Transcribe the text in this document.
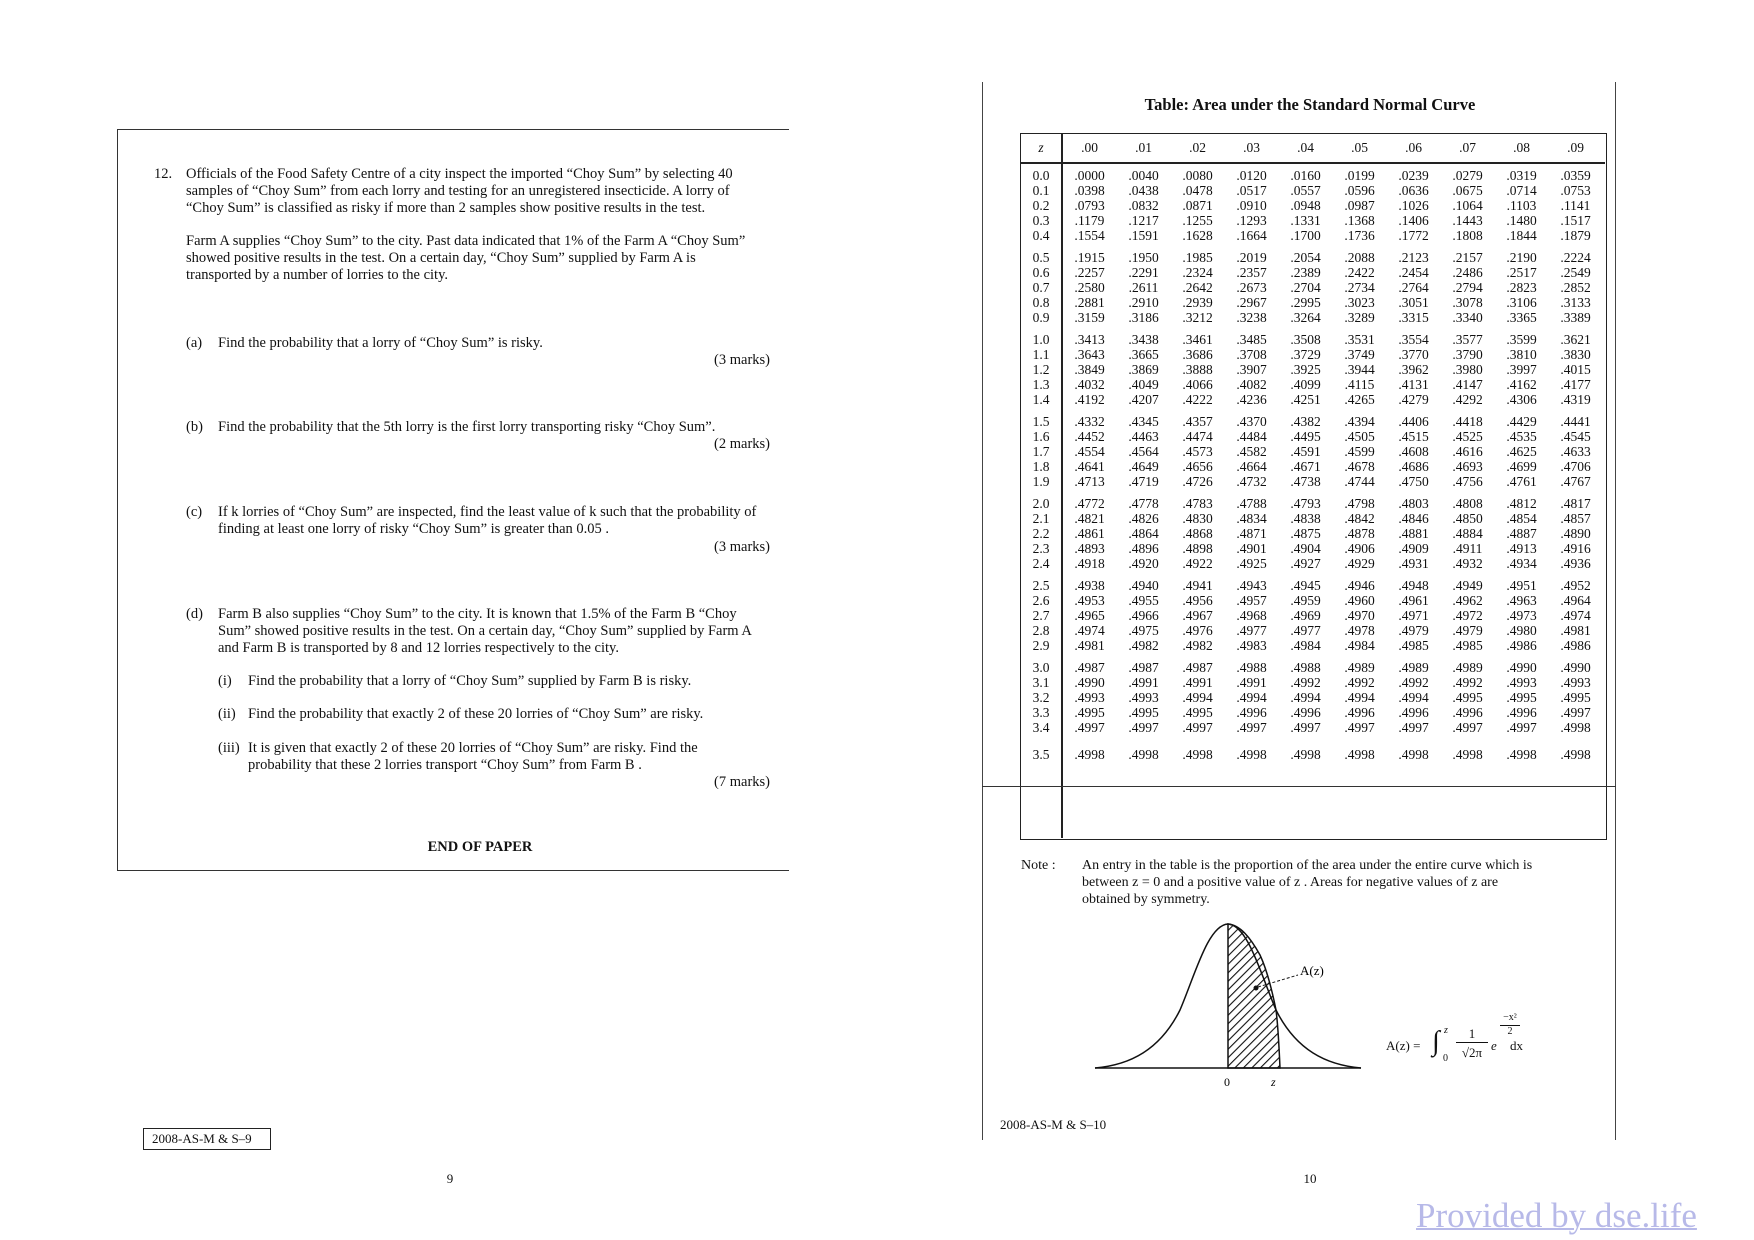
12. Officials of the Food Safety Centre of a city inspect the imported “Choy Sum” by selecting 40
samples of “Choy Sum” from each lorry and testing for an unregistered insecticide. A lorry of
“Choy Sum” is classified as risky if more than 2 samples show positive results in the test.
Farm A supplies “Choy Sum” to the city. Past data indicated that 1% of the Farm A “Choy Sum”
showed positive results in the test. On a certain day, “Choy Sum” supplied by Farm A is
transported by a number of lorries to the city.
(a) Find the probability that a lorry of “Choy Sum” is risky.
(3 marks)
(b) Find the probability that the 5th lorry is the first lorry transporting risky “Choy Sum”.
(2 marks)
(c) If k lorries of “Choy Sum” are inspected, find the least value of k such that the probability of
finding at least one lorry of risky “Choy Sum” is greater than 0.05 .
(3 marks)
(d) Farm B also supplies “Choy Sum” to the city. It is known that 1.5% of the Farm B “Choy
Sum” showed positive results in the test. On a certain day, “Choy Sum” supplied by Farm A
and Farm B is transported by 8 and 12 lorries respectively to the city.
(i) Find the probability that a lorry of “Choy Sum” supplied by Farm B is risky.
(ii) Find the probability that exactly 2 of these 20 lorries of “Choy Sum” are risky.
(iii) It is given that exactly 2 of these 20 lorries of “Choy Sum” are risky. Find the
probability that these 2 lorries transport “Choy Sum” from Farm B .
(7 marks)
END OF PAPER
2008-AS-M & S–9
9
Table: Area under the Standard Normal Curve
z	.00	.01	.02	.03	.04	.05	.06	.07	.08	.09
0.0	.0000	.0040	.0080	.0120	.0160	.0199	.0239	.0279	.0319	.0359
0.1	.0398	.0438	.0478	.0517	.0557	.0596	.0636	.0675	.0714	.0753
0.2	.0793	.0832	.0871	.0910	.0948	.0987	.1026	.1064	.1103	.1141
0.3	.1179	.1217	.1255	.1293	.1331	.1368	.1406	.1443	.1480	.1517
0.4	.1554	.1591	.1628	.1664	.1700	.1736	.1772	.1808	.1844	.1879
0.5	.1915	.1950	.1985	.2019	.2054	.2088	.2123	.2157	.2190	.2224
0.6	.2257	.2291	.2324	.2357	.2389	.2422	.2454	.2486	.2517	.2549
0.7	.2580	.2611	.2642	.2673	.2704	.2734	.2764	.2794	.2823	.2852
0.8	.2881	.2910	.2939	.2967	.2995	.3023	.3051	.3078	.3106	.3133
0.9	.3159	.3186	.3212	.3238	.3264	.3289	.3315	.3340	.3365	.3389
1.0	.3413	.3438	.3461	.3485	.3508	.3531	.3554	.3577	.3599	.3621
1.1	.3643	.3665	.3686	.3708	.3729	.3749	.3770	.3790	.3810	.3830
1.2	.3849	.3869	.3888	.3907	.3925	.3944	.3962	.3980	.3997	.4015
1.3	.4032	.4049	.4066	.4082	.4099	.4115	.4131	.4147	.4162	.4177
1.4	.4192	.4207	.4222	.4236	.4251	.4265	.4279	.4292	.4306	.4319
1.5	.4332	.4345	.4357	.4370	.4382	.4394	.4406	.4418	.4429	.4441
1.6	.4452	.4463	.4474	.4484	.4495	.4505	.4515	.4525	.4535	.4545
1.7	.4554	.4564	.4573	.4582	.4591	.4599	.4608	.4616	.4625	.4633
1.8	.4641	.4649	.4656	.4664	.4671	.4678	.4686	.4693	.4699	.4706
1.9	.4713	.4719	.4726	.4732	.4738	.4744	.4750	.4756	.4761	.4767
2.0	.4772	.4778	.4783	.4788	.4793	.4798	.4803	.4808	.4812	.4817
2.1	.4821	.4826	.4830	.4834	.4838	.4842	.4846	.4850	.4854	.4857
2.2	.4861	.4864	.4868	.4871	.4875	.4878	.4881	.4884	.4887	.4890
2.3	.4893	.4896	.4898	.4901	.4904	.4906	.4909	.4911	.4913	.4916
2.4	.4918	.4920	.4922	.4925	.4927	.4929	.4931	.4932	.4934	.4936
2.5	.4938	.4940	.4941	.4943	.4945	.4946	.4948	.4949	.4951	.4952
2.6	.4953	.4955	.4956	.4957	.4959	.4960	.4961	.4962	.4963	.4964
2.7	.4965	.4966	.4967	.4968	.4969	.4970	.4971	.4972	.4973	.4974
2.8	.4974	.4975	.4976	.4977	.4977	.4978	.4979	.4979	.4980	.4981
2.9	.4981	.4982	.4982	.4983	.4984	.4984	.4985	.4985	.4986	.4986
3.0	.4987	.4987	.4987	.4988	.4988	.4989	.4989	.4989	.4990	.4990
3.1	.4990	.4991	.4991	.4991	.4992	.4992	.4992	.4992	.4993	.4993
3.2	.4993	.4993	.4994	.4994	.4994	.4994	.4994	.4995	.4995	.4995
3.3	.4995	.4995	.4995	.4996	.4996	.4996	.4996	.4996	.4996	.4997
3.4	.4997	.4997	.4997	.4997	.4997	.4997	.4997	.4997	.4997	.4998
3.5	.4998	.4998	.4998	.4998	.4998	.4998	.4998	.4998	.4998	.4998
Note : An entry in the table is the proportion of the area under the entire curve which is
between z = 0 and a positive value of z . Areas for negative values of z are
obtained by symmetry.
A(z)
0	z
A(z) = ∫ z
0
1
√2π e
−x²
2
dx
2008-AS-M & S–10
10
Provided by dse.life
